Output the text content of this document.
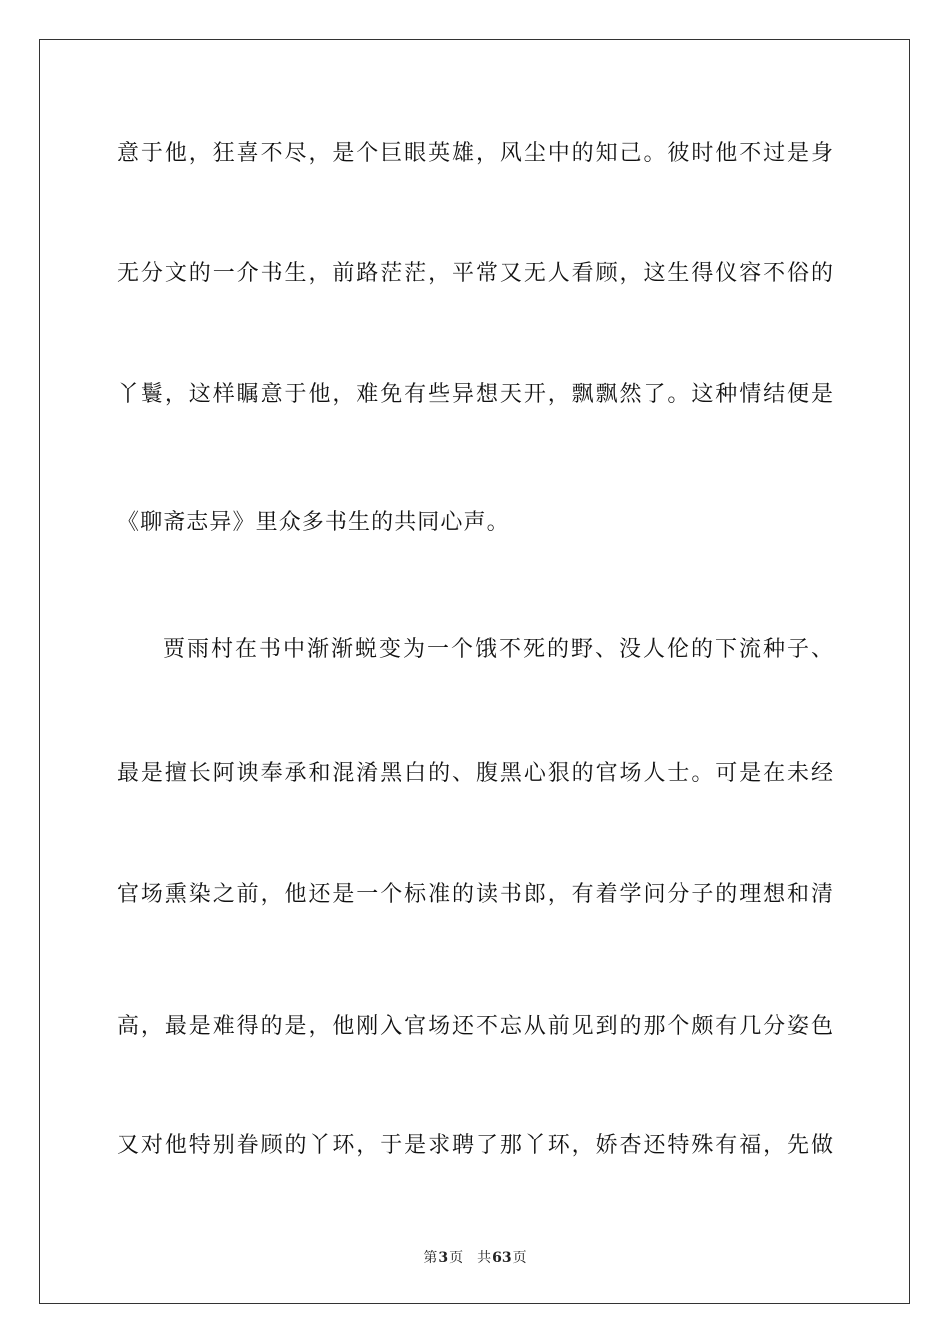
意于他，狂喜不尽，是个巨眼英雄，风尘中的知己。彼时他不过是身
无分文的一介书生，前路茫茫，平常又无人看顾，这生得仪容不俗的
丫鬟，这样瞩意于他，难免有些异想天开，飘飘然了。这种情结便是
《聊斋志异》里众多书生的共同心声。
贾雨村在书中渐渐蜕变为一个饿不死的野、没人伦的下流种子、
最是擅长阿谀奉承和混淆黑白的、腹黑心狠的官场人士。可是在未经
官场熏染之前，他还是一个标准的读书郎，有着学问分子的理想和清
高，最是难得的是，他刚入官场还不忘从前见到的那个颇有几分姿色
又对他特别眷顾的丫环，于是求聘了那丫环，娇杏还特殊有福，先做
第3页 共63页
